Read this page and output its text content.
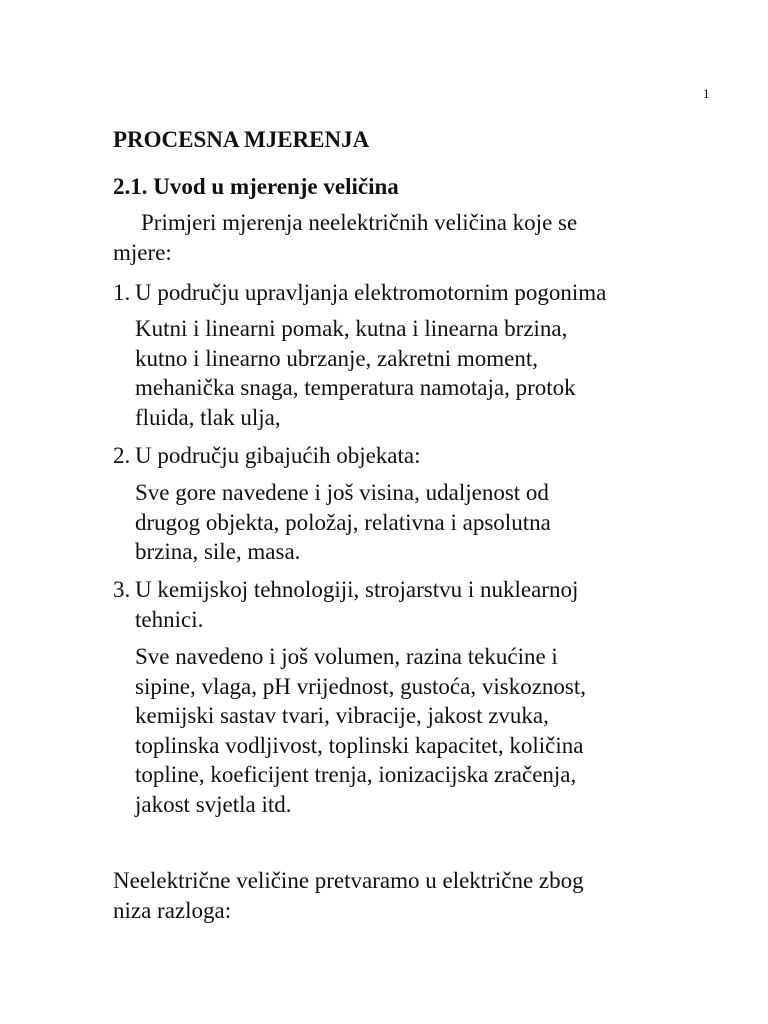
1
PROCESNA MJERENJA
2.1. Uvod u mjerenje veličina

Primjeri mjerenja neelektričnih veličina koje se
mjere:

1. U području upravljanja elektromotornim pogonima
Kutni i linearni pomak, kutna i linearna brzina,
kutno i linearno ubrzanje, zakretni moment,
mehanička snaga, temperatura namotaja, protok
fluida, tlak ulja,
2. U području gibajućih objekata:
Sve gore navedene i još visina, udaljenost od
drugog objekta, položaj, relativna i apsolutna
brzina, sile, masa.
3. U kemijskoj tehnologiji, strojarstvu i nuklearnoj
tehnici.
Sve navedeno i još volumen, razina tekućine i
sipine, vlaga, pH vrijednost, gustoća, viskoznost,
kemijski sastav tvari, vibracije, jakost zvuka,
toplinska vodljivost, toplinski kapacitet, količina
topline, koeficijent trenja, ionizacijska zračenja,
jakost svjetla itd.

Neelektrične veličine pretvaramo u električne zbog
niza razloga:
